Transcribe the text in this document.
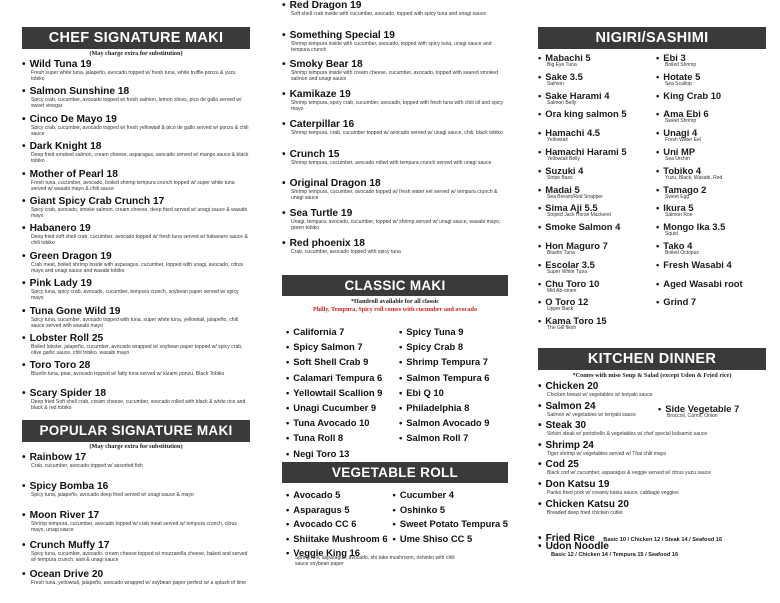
CHEF SIGNATURE MAKI
(May charge extra for substitution)
• Wild Tuna 19
Fresh super white tuna, jalapeño, avocado topped w/ fresh tuna, white truffle ponzu & yuzu tobiko
• Salmon Sunshine 18
Spicy crab, cucumber, avocado topped w/ fresh salmon, lemon slices, pico de gallo served w/ sweet vinegar
• Cinco De Mayo 19
Spicy crab, cucumber, avocado topped w/ fresh yellowtail & pico de gallo served w/ ponzu & chili sauce
• Dark Knight 18
Deep fried smoked salmon, cream cheese, asparagus, avocado served w/ mango sauce & black tobiko
• Mother of Pearl 18
Fresh tuna, cucumber, avocado, boiled shrimp tempura crunch topped w/ super white tuna served w/ wasabi mayo & chili sauce
• Giant Spicy Crab Crunch 17
Spicy crab, avocado, smoke salmon, cream cheese, deep fried served w/ unagi sauce & wasabi mayo
• Habanero 19
Deep fried soft shell crab, cucumber, avocado topped w/ fresh tuna served w/ habanero sauce & chili tobiko
• Green Dragon 19
Crab meat, boiled shrimp inside with asparagus, cucumber, topped with unagi, avocado, citrus mayo and unagi sauce and wasabi tobiko
• Pink Lady 19
Spicy tuna, spicy crab, avocado, cucumber, tempura crunch, soybean paper served w/ spicy mayo
• Tuna Gone Wild 19
Spicy tuna, cucumber, avocado topped with tuna, super white tuna, yellowtail, jalapeño, chili sauce served with wasabi mayo
• Lobster Roll 25
Boiled lobster, jalapeño, cucumber, avocado wrapped w/ soybean paper topped w/ spicy crab, olive garlic sauce, chili tobiko, wasabi mayo
• Toro Toro 28
Bluefin tuna, pear, avocado topped w/ fatty tuna served w/ kizami ponzu, Black Tobiko
• Scary Spider 18
Deep fried Soft shell crab, cream cheese, cucumber, avocado rolled with black & white rice and black & red tobiko
POPULAR SIGNATURE MAKI
(May charge extra for substitution)
• Rainbow 17
Crab, cucumber, avocado topped w/ assorted fish
• Spicy Bomba 16
Spicy tuna, jalapeño, avocado deep fried served w/ unagi sauce & mayo
• Moon River 17
Shrimp tempura, cucumber, avocado topped w/ crab meat served w/ tempura crunch, citrus mayo, unagi sauce
• Crunch Muffy 17
Spicy tuna, cucumber, avocado, cream cheese topped w/ mozzarella cheese, baked and served w/ tempura crunch, aioli & unagi sauce
• Ocean Drive 20
Fresh tuna, yellowtail, jalapeño, avocado wrapped w/ soybean paper perfect w/ a splash of lime
• Red Dragon 19
Soft shell crab inside with cucumber, avocado, topped with spicy tuna and unagi sauce
• Something Special 19
Shrimp tempura inside with cucumber, avocado, topped with spicy tuna, unagi sauce and tempura crunch
• Smoky Bear 18
Shrimp tempura inside with cream cheese, cucumber, avocado, topped with seared smoked salmon and unagi sauce
• Kamikaze 19
Shrimp tempura, spicy crab, cucumber, avocado, topped with fresh tuna with chili oil and spicy mayo
• Caterpillar 16
Shrimp tempura, crab, cucumber topped w/ avocado served w/ unagi sauce, chili, black tobiko
• Crunch 15
Shrimp tempura, cucumber, avocado rolled with tempura crunch served with unagi sauce
• Original Dragon 18
Shrimp tempura, cucumber, avocado topped w/ fresh water eel served w/ tempura crunch & unagi sauce
• Sea Turtle 19
Unagi, tempura, avocado, cucumber, topped w/ shrimp served w/ unagi sauce, wasabi mayo, green tobiko
• Red phoenix 18
Crab, cucumber, avocado topped with spicy tuna
CLASSIC MAKI
*Handroll available for all classic
Philly, Tempura, Spicy roll comes with cucumber and avocado
• California 7
• Spicy Salmon 7
• Soft Shell Crab 9
• Calamari Tempura 6
• Yellowtail Scallion 9
• Unagi Cucumber 9
• Tuna Avocado 10
• Tuna Roll 8
• Negi Toro 13
• Spicy Tuna 9
• Spicy Crab 8
• Shrimp Tempura 7
• Salmon Tempura 6
• Ebi Q 10
• Philadelphia 8
• Salmon Avocado 9
• Salmon Roll 7
VEGETABLE ROLL
• Avocado 5
• Asparagus 5
• Avocado CC 6
• Shiitake Mushroom 6
• Veggie King 16
• Cucumber 4
• Oshinko 5
• Sweet Potato Tempura 5
• Ume Shiso CC 5
Spring Mix, asparagus, avocado, shi take mushroom, oshinko with chili sauce soybean paper
NIGIRI/SASHIMI
• Mabachi 5
Big Eye Tuna
• Sake 3.5
Salmon
• Sake Harami 4
Salmon Belly
• Ora king salmon 5
• Hamachi 4.5
Yellowtail
• Hamachi Harami 5
Yellowtail Belly
• Suzuki 4
Stripe Bass
• Madai 5
Sea Bream/Red Snapper
• Sima Aji 5.5
Striped Jack Horse Mackerel
• Smoke Salmon 4
• Hon Maguro 7
Bluefin Tuna
• Escolar 3.5
Super White Tuna
• Chu Toro 10
Mid Ab-omen
• O Toro 12
Upper Back
• Kama Toro 15
The Gill flesh
• Ebi 3
Boiled Shrimp
• Hotate 5
Sea Scallop
• King Crab 10
• Ama Ebi 6
Sweet Shrimp
• Unagi 4
Fresh Water Eel
• Uni MP
Sea Urchin
• Tobiko 4
Yuzu, Black, Wasabi, Red
• Tamago 2
Sweet Egg
• Ikura 5
Salmon Roe
• Mongo Ika 3.5
Squid
• Tako 4
Boiled Octopus
• Fresh Wasabi 4
• Aged Wasabi root
• Grind 7
KITCHEN DINNER
*Comes with miso Soup & Salad (except Udon & Fried rice)
• Chicken 20
Chicken breast w/ vegetables w/ teriyaki sauce
• Salmon 24
Salmon w/ vegetables w/ teriyaki sauce
• Steak 30
Sirloin steak w/ portobello & vegetables w/ chef special balsamic sauce
• Shrimp 24
Tiger shrimp w/ vegetables served w/ Thai chili mayo
• Cod 25
Black cod w/ cucumber, asparagus & veggie served w/ citrus yuzu sauce
• Don Katsu 19
Panko fried pork w/ creamy katsu sauce, cabbage veggies
• Chicken Katsu 20
Breaded deep fried chicken cutlet
• Side Vegetable 7
Broccoli, Carrot, Onion
• Fried Rice Basic 10 / Chicken 12 / Steak 14 / Seafood 16
• Udon Noodle
Basic 12 / Chicken 14 / Tempura 15 / Seafood 16
